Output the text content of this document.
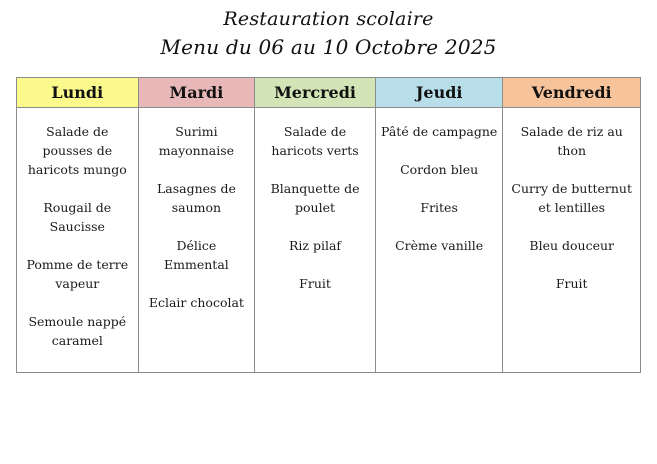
Restauration scolaire
Menu du 06 au 10 Octobre 2025
Lundi
Salade de pousses de haricots mungo
Rougail de Saucisse
Pomme de terre vapeur
Semoule nappé caramel
Mardi
Surimi mayonnaise
Lasagnes de saumon
Délice Emmental
Eclair chocolat
Mercredi
Salade de haricots verts
Blanquette de poulet
Riz pilaf
Fruit
Jeudi
Pâté de campagne
Cordon bleu
Frites
Crème vanille
Vendredi
Salade de riz au thon
Curry de butternut et lentilles
Bleu douceur
Fruit
